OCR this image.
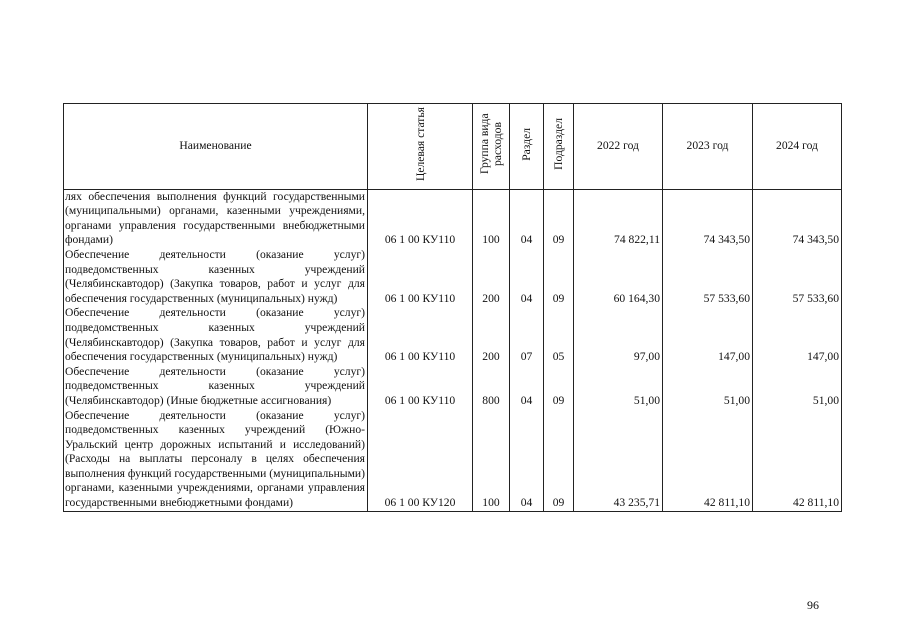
Наименование	Целевая статья	Группа вида расходов	Раздел	Подраздел	2022 год	2023 год	2024 год
лях обеспечения выполнения функций государственными (муниципальными) органами, казенными учреждениями, органами управления государственными внебюджетными фондами)	06 1 00 КУ110	100	04	09	74 822,11	74 343,50	74 343,50
Обеспечение деятельности (оказание услуг) подведомственных казенных учреждений (Челябинскавтодор) (Закупка товаров, работ и услуг для обеспечения государственных (муниципальных) нужд)	06 1 00 КУ110	200	04	09	60 164,30	57 533,60	57 533,60
Обеспечение деятельности (оказание услуг) подведомственных казенных учреждений (Челябинскавтодор) (Закупка товаров, работ и услуг для обеспечения государственных (муниципальных) нужд)	06 1 00 КУ110	200	07	05	97,00	147,00	147,00
Обеспечение деятельности (оказание услуг) подведомственных казенных учреждений (Челябинскавтодор) (Иные бюджетные ассигнования)	06 1 00 КУ110	800	04	09	51,00	51,00	51,00
Обеспечение деятельности (оказание услуг) подведомственных казенных учреждений (Южно-Уральский центр дорожных испытаний и исследований) (Расходы на выплаты персоналу в целях обеспечения выполнения функций государственными (муниципальными) органами, казенными учреждениями, органами управления государственными внебюджетными фондами)	06 1 00 КУ120	100	04	09	43 235,71	42 811,10	42 811,10
96
